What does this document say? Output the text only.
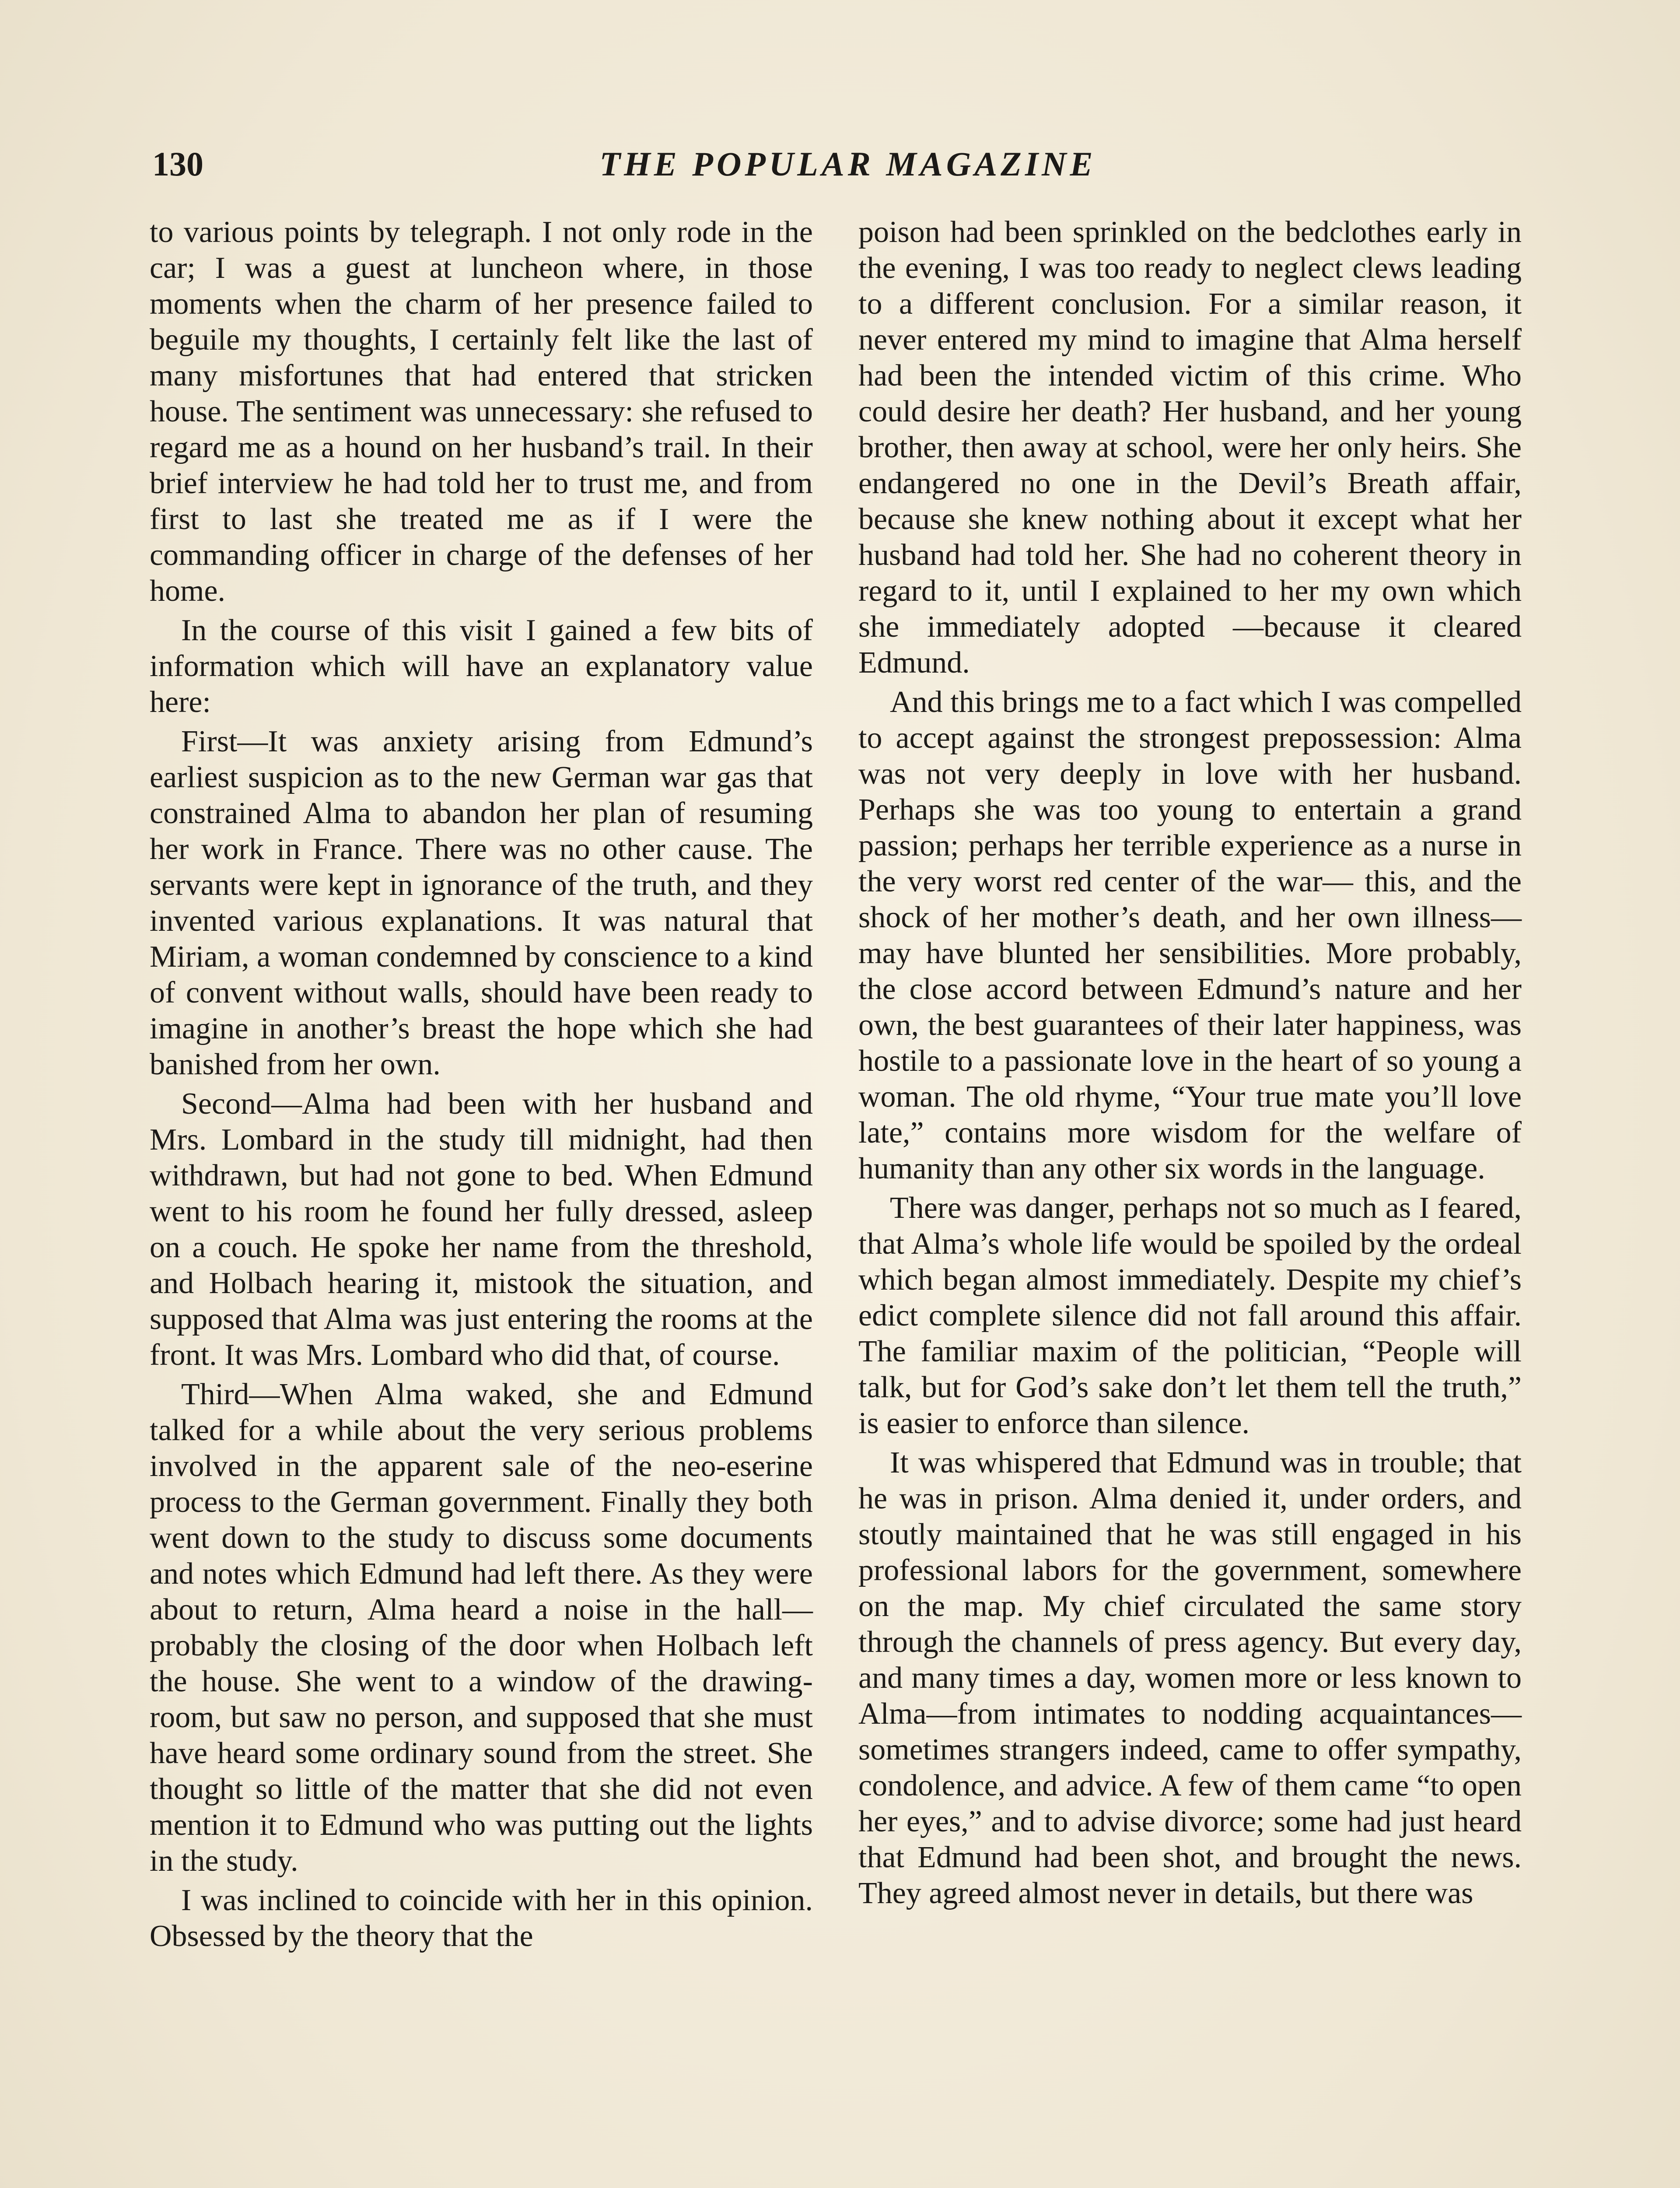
130	THE POPULAR MAGAZINE

to various points by telegraph. I not only rode in the car; I was a guest at luncheon where, in those moments when the charm of her presence failed to beguile my thoughts, I certainly felt like the last of many misfortunes that had entered that stricken house. The sentiment was unnecessary: she refused to regard me as a hound on her husband’s trail. In their brief interview he had told her to trust me, and from first to last she treated me as if I were the commanding officer in charge of the defenses of her home.

In the course of this visit I gained a few bits of information which will have an explanatory value here:

First—It was anxiety arising from Edmund’s earliest suspicion as to the new German war gas that constrained Alma to abandon her plan of resuming her work in France. There was no other cause. The servants were kept in ignorance of the truth, and they invented various explanations. It was natural that Miriam, a woman condemned by conscience to a kind of convent without walls, should have been ready to imagine in another’s breast the hope which she had banished from her own.

Second—Alma had been with her husband and Mrs. Lombard in the study till midnight, had then withdrawn, but had not gone to bed. When Edmund went to his room he found her fully dressed, asleep on a couch. He spoke her name from the threshold, and Holbach hearing it, mistook the situation, and supposed that Alma was just entering the rooms at the front. It was Mrs. Lombard who did that, of course.

Third—When Alma waked, she and Edmund talked for a while about the very serious problems involved in the apparent sale of the neo-eserine process to the German government. Finally they both went down to the study to discuss some documents and notes which Edmund had left there. As they were about to return, Alma heard a noise in the hall—probably the closing of the door when Holbach left the house. She went to a window of the drawing-room, but saw no person, and supposed that she must have heard some ordinary sound from the street. She thought so little of the matter that she did not even mention it to Edmund who was putting out the lights in the study.

I was inclined to coincide with her in this opinion. Obsessed by the theory that the

poison had been sprinkled on the bedclothes early in the evening, I was too ready to neglect clews leading to a different conclusion. For a similar reason, it never entered my mind to imagine that Alma herself had been the intended victim of this crime. Who could desire her death? Her husband, and her young brother, then away at school, were her only heirs. She endangered no one in the Devil’s Breath affair, because she knew nothing about it except what her husband had told her. She had no coherent theory in regard to it, until I explained to her my own which she immediately adopted —because it cleared Edmund.

And this brings me to a fact which I was compelled to accept against the strongest prepossession: Alma was not very deeply in love with her husband. Perhaps she was too young to entertain a grand passion; perhaps her terrible experience as a nurse in the very worst red center of the war— this, and the shock of her mother’s death, and her own illness—may have blunted her sensibilities. More probably, the close accord between Edmund’s nature and her own, the best guarantees of their later happiness, was hostile to a passionate love in the heart of so young a woman. The old rhyme, “Your true mate you’ll love late,” contains more wisdom for the welfare of humanity than any other six words in the language.

There was danger, perhaps not so much as I feared, that Alma’s whole life would be spoiled by the ordeal which began almost immediately. Despite my chief’s edict complete silence did not fall around this affair. The familiar maxim of the politician, “People will talk, but for God’s sake don’t let them tell the truth,” is easier to enforce than silence.

It was whispered that Edmund was in trouble; that he was in prison. Alma denied it, under orders, and stoutly maintained that he was still engaged in his professional labors for the government, somewhere on the map. My chief circulated the same story through the channels of press agency. But every day, and many times a day, women more or less known to Alma—from intimates to nodding acquaintances—sometimes strangers indeed, came to offer sympathy, condolence, and advice. A few of them came “to open her eyes,” and to advise divorce; some had just heard that Edmund had been shot, and brought the news. They agreed almost never in details, but there was
